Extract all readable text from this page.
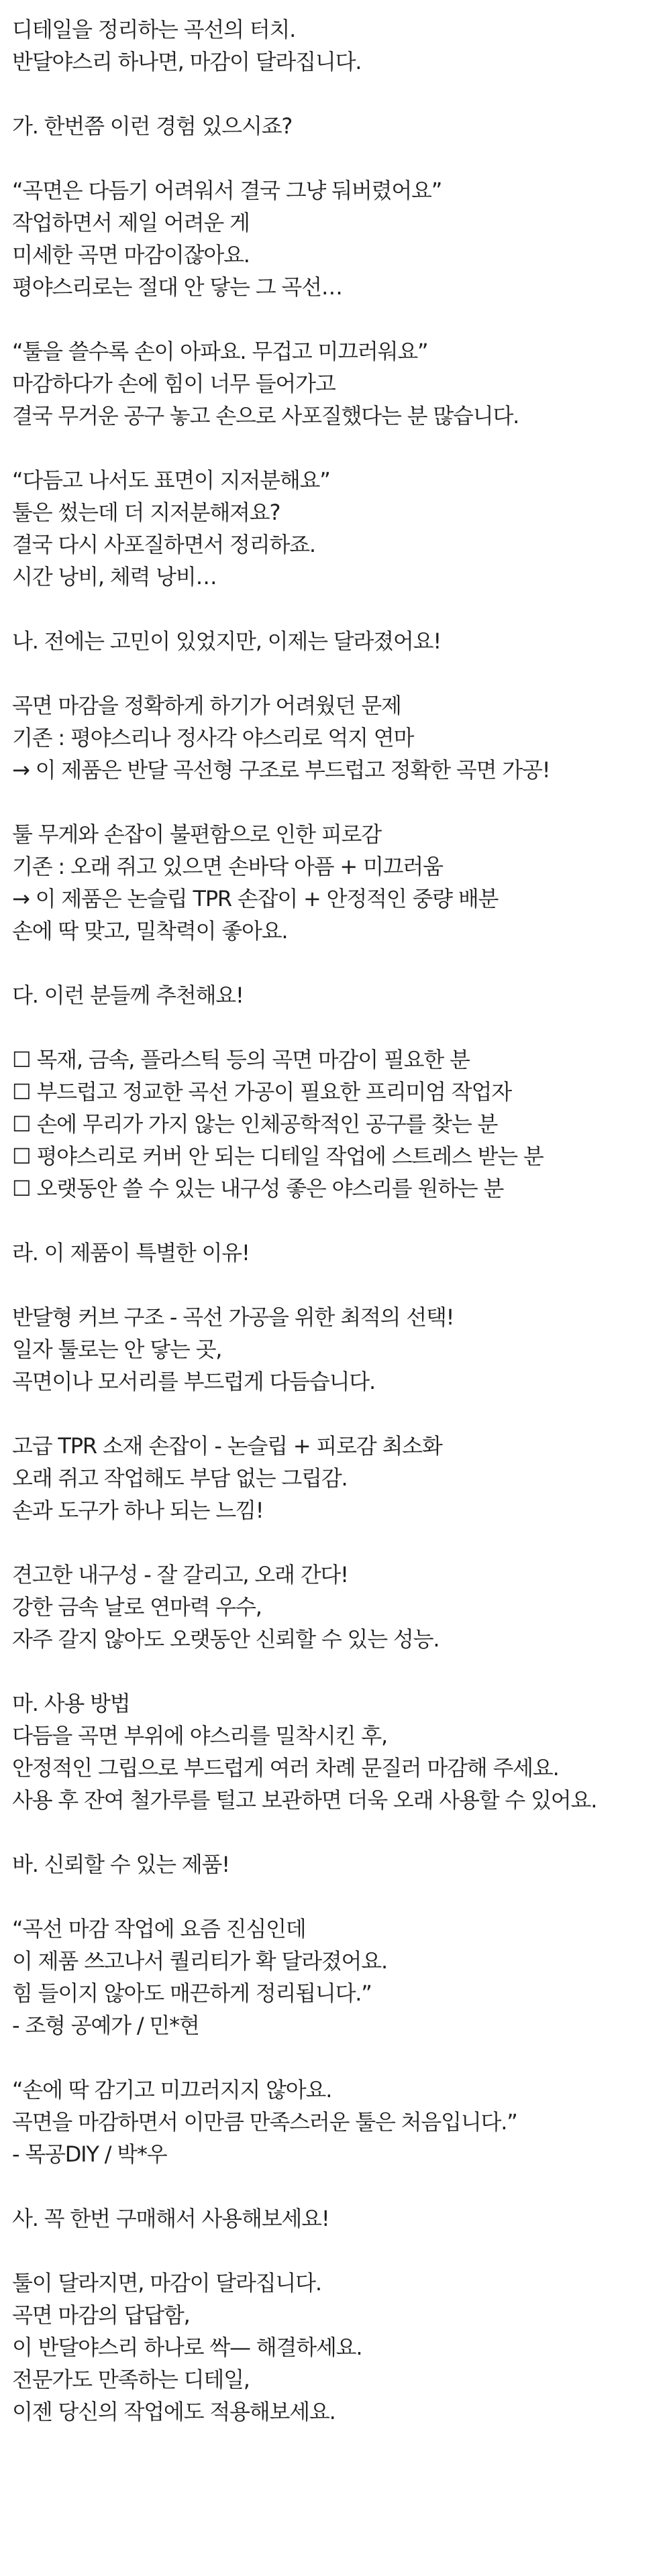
디테일을 정리하는 곡선의 터치.
반달야스리 하나면, 마감이 달라집니다.
가. 한번쯤 이런 경험 있으시죠?
“곡면은 다듬기 어려워서 결국 그냥 둬버렸어요”
작업하면서 제일 어려운 게
미세한 곡면 마감이잖아요.
평야스리로는 절대 안 닿는 그 곡선…
“툴을 쓸수록 손이 아파요. 무겁고 미끄러워요”
마감하다가 손에 힘이 너무 들어가고
결국 무거운 공구 놓고 손으로 사포질했다는 분 많습니다.
“다듬고 나서도 표면이 지저분해요”
툴은 썼는데 더 지저분해져요?
결국 다시 사포질하면서 정리하죠.
시간 낭비, 체력 낭비…
나. 전에는 고민이 있었지만, 이제는 달라졌어요!
곡면 마감을 정확하게 하기가 어려웠던 문제
기존 : 평야스리나 정사각 야스리로 억지 연마
→ 이 제품은 반달 곡선형 구조로 부드럽고 정확한 곡면 가공!
툴 무게와 손잡이 불편함으로 인한 피로감
기존 : 오래 쥐고 있으면 손바닥 아픔 + 미끄러움
→ 이 제품은 논슬립 TPR 손잡이 + 안정적인 중량 배분
손에 딱 맞고, 밀착력이 좋아요.
다. 이런 분들께 추천해요!
☐ 목재, 금속, 플라스틱 등의 곡면 마감이 필요한 분
☐ 부드럽고 정교한 곡선 가공이 필요한 프리미엄 작업자
☐ 손에 무리가 가지 않는 인체공학적인 공구를 찾는 분
☐ 평야스리로 커버 안 되는 디테일 작업에 스트레스 받는 분
☐ 오랫동안 쓸 수 있는 내구성 좋은 야스리를 원하는 분
라. 이 제품이 특별한 이유!
반달형 커브 구조 - 곡선 가공을 위한 최적의 선택!
일자 툴로는 안 닿는 곳,
곡면이나 모서리를 부드럽게 다듬습니다.
고급 TPR 소재 손잡이 - 논슬립 + 피로감 최소화
오래 쥐고 작업해도 부담 없는 그립감.
손과 도구가 하나 되는 느낌!
견고한 내구성 - 잘 갈리고, 오래 간다!
강한 금속 날로 연마력 우수,
자주 갈지 않아도 오랫동안 신뢰할 수 있는 성능.
마. 사용 방법
다듬을 곡면 부위에 야스리를 밀착시킨 후,
안정적인 그립으로 부드럽게 여러 차례 문질러 마감해 주세요.
사용 후 잔여 철가루를 털고 보관하면 더욱 오래 사용할 수 있어요.
바. 신뢰할 수 있는 제품!
“곡선 마감 작업에 요즘 진심인데
이 제품 쓰고나서 퀄리티가 확 달라졌어요.
힘 들이지 않아도 매끈하게 정리됩니다.”
- 조형 공예가 / 민*현
“손에 딱 감기고 미끄러지지 않아요.
곡면을 마감하면서 이만큼 만족스러운 툴은 처음입니다.”
- 목공DIY / 박*우
사. 꼭 한번 구매해서 사용해보세요!
툴이 달라지면, 마감이 달라집니다.
곡면 마감의 답답함,
이 반달야스리 하나로 싹— 해결하세요.
전문가도 만족하는 디테일,
이젠 당신의 작업에도 적용해보세요.
